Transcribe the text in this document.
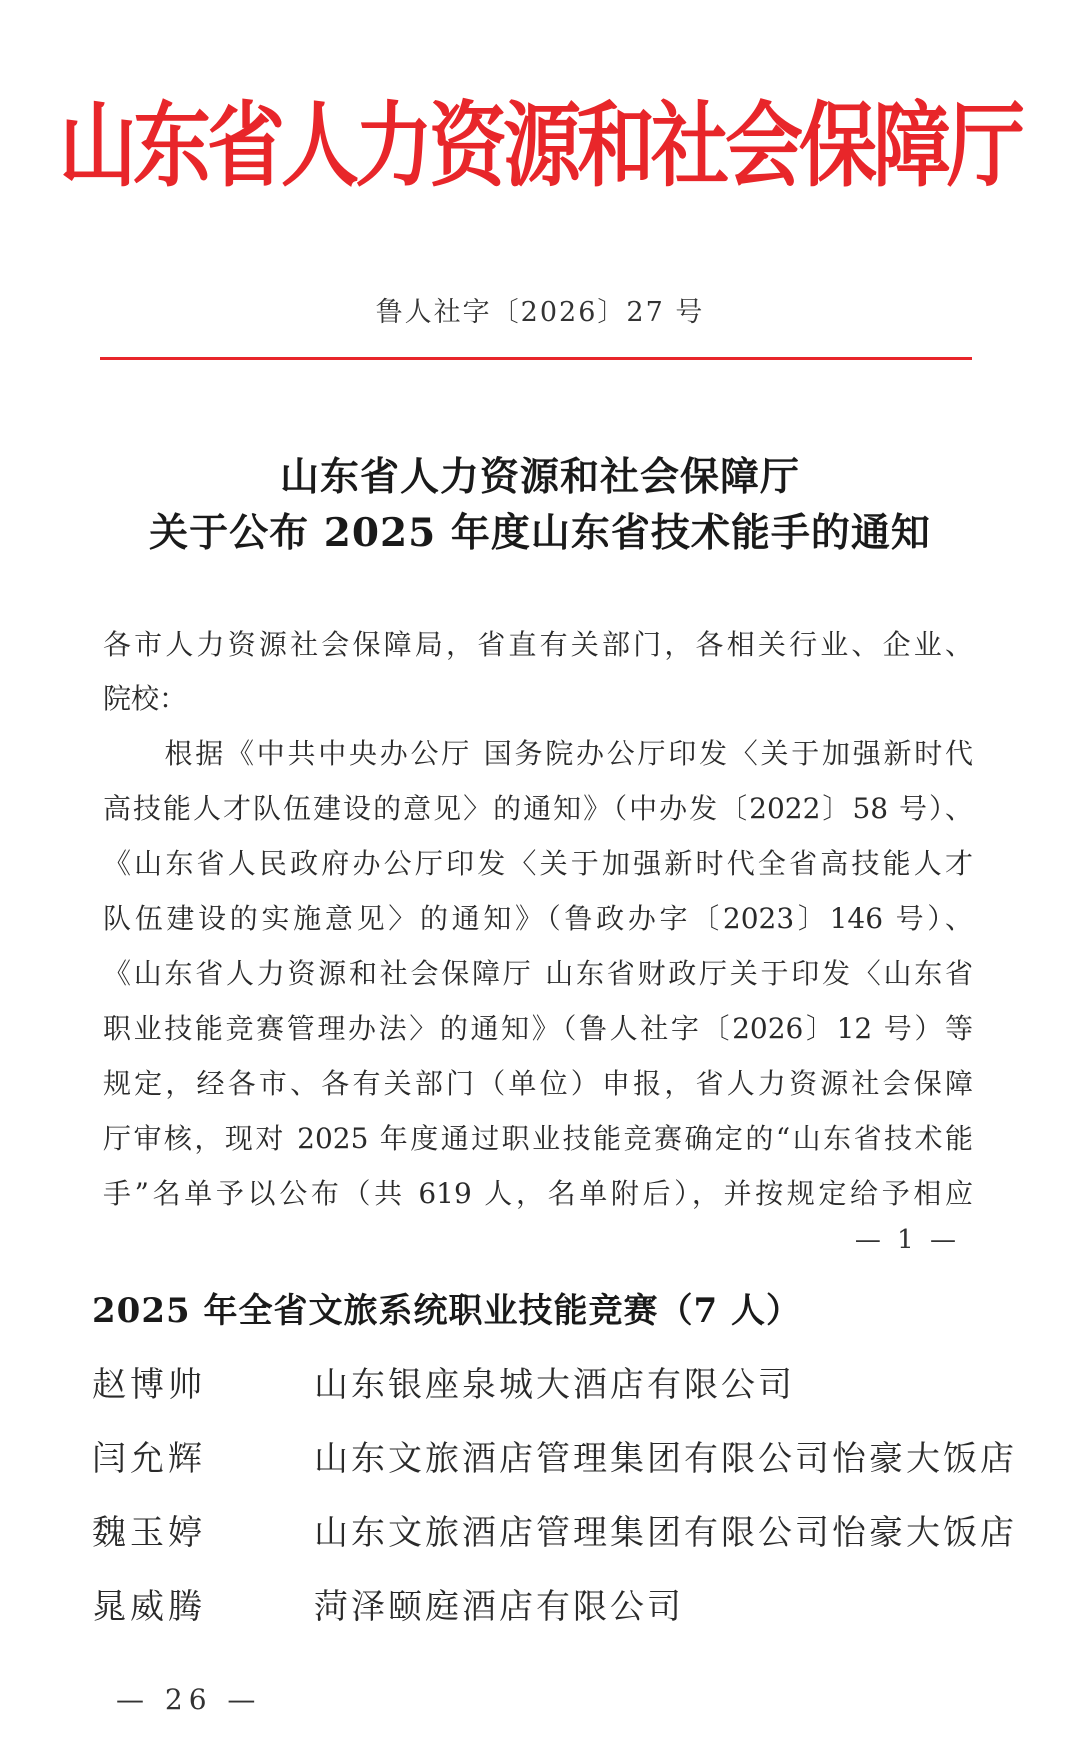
山东省人力资源和社会保障厅
鲁人社字〔2026〕27 号
山东省人力资源和社会保障厅
关于公布 2025 年度山东省技术能手的通知
各市人力资源社会保障局，省直有关部门，各相关行业、企业、
院校：
　　根据《中共中央办公厅 国务院办公厅印发〈关于加强新时代
高技能人才队伍建设的意见〉的通知》（中办发〔2022〕58 号）、
《山东省人民政府办公厅印发〈关于加强新时代全省高技能人才
队伍建设的实施意见〉的通知》（鲁政办字〔2023〕146 号）、
《山东省人力资源和社会保障厅 山东省财政厅关于印发〈山东省
职业技能竞赛管理办法〉的通知》（鲁人社字〔2026〕12 号）等
规定，经各市、各有关部门（单位）申报，省人力资源社会保障
厅审核，现对 2025 年度通过职业技能竞赛确定的“山东省技术能
手”名单予以公布（共 619 人，名单附后），并按规定给予相应
— 1 —
2025 年全省文旅系统职业技能竞赛（7 人）
赵博帅	山东银座泉城大酒店有限公司
闫允辉	山东文旅酒店管理集团有限公司怡豪大饭店
魏玉婷	山东文旅酒店管理集团有限公司怡豪大饭店
晁威腾	菏泽颐庭酒店有限公司
— 26 —
